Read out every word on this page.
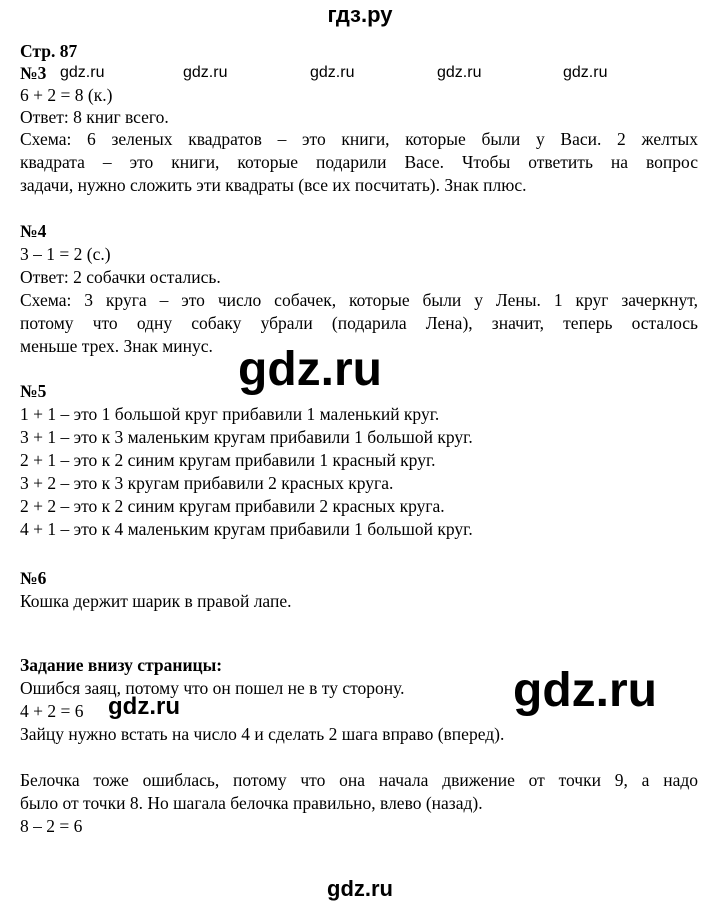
гдз.ру
Стр. 87
№3
6 + 2 = 8 (к.)
Ответ: 8 книг всего.
Схема: 6 зеленых квадратов – это книги, которые были у Васи. 2 желтых
квадрата – это книги, которые подарили Васе. Чтобы ответить на вопрос
задачи, нужно сложить эти квадраты (все их посчитать). Знак плюс.
№4
3 – 1 = 2 (с.)
Ответ: 2 собачки остались.
Схема: 3 круга – это число собачек, которые были у Лены. 1 круг зачеркнут,
потому что одну собаку убрали (подарила Лена), значит, теперь осталось
меньше трех. Знак минус.
№5
1 + 1 – это 1 большой круг прибавили 1 маленький круг.
3 + 1 – это к 3 маленьким кругам прибавили 1 большой круг.
2 + 1 – это к 2 синим кругам прибавили 1 красный круг.
3 + 2 – это к 3 кругам прибавили 2 красных круга.
2 + 2 – это к 2 синим кругам прибавили 2 красных круга.
4 + 1 – это к 4 маленьким кругам прибавили 1 большой круг.
№6
Кошка держит шарик в правой лапе.
Задание внизу страницы:
Ошибся заяц, потому что он пошел не в ту сторону.
4 + 2 = 6
Зайцу нужно встать на число 4 и сделать 2 шага вправо (вперед).
Белочка тоже ошиблась, потому что она начала движение от точки 9, а надо
было от точки 8. Но шагала белочка правильно, влево (назад).
8 – 2 = 6
gdz.ru	gdz.ru	gdz.ru	gdz.ru	gdz.ru
gdz.ru
gdz.ru
gdz.ru
gdz.ru
